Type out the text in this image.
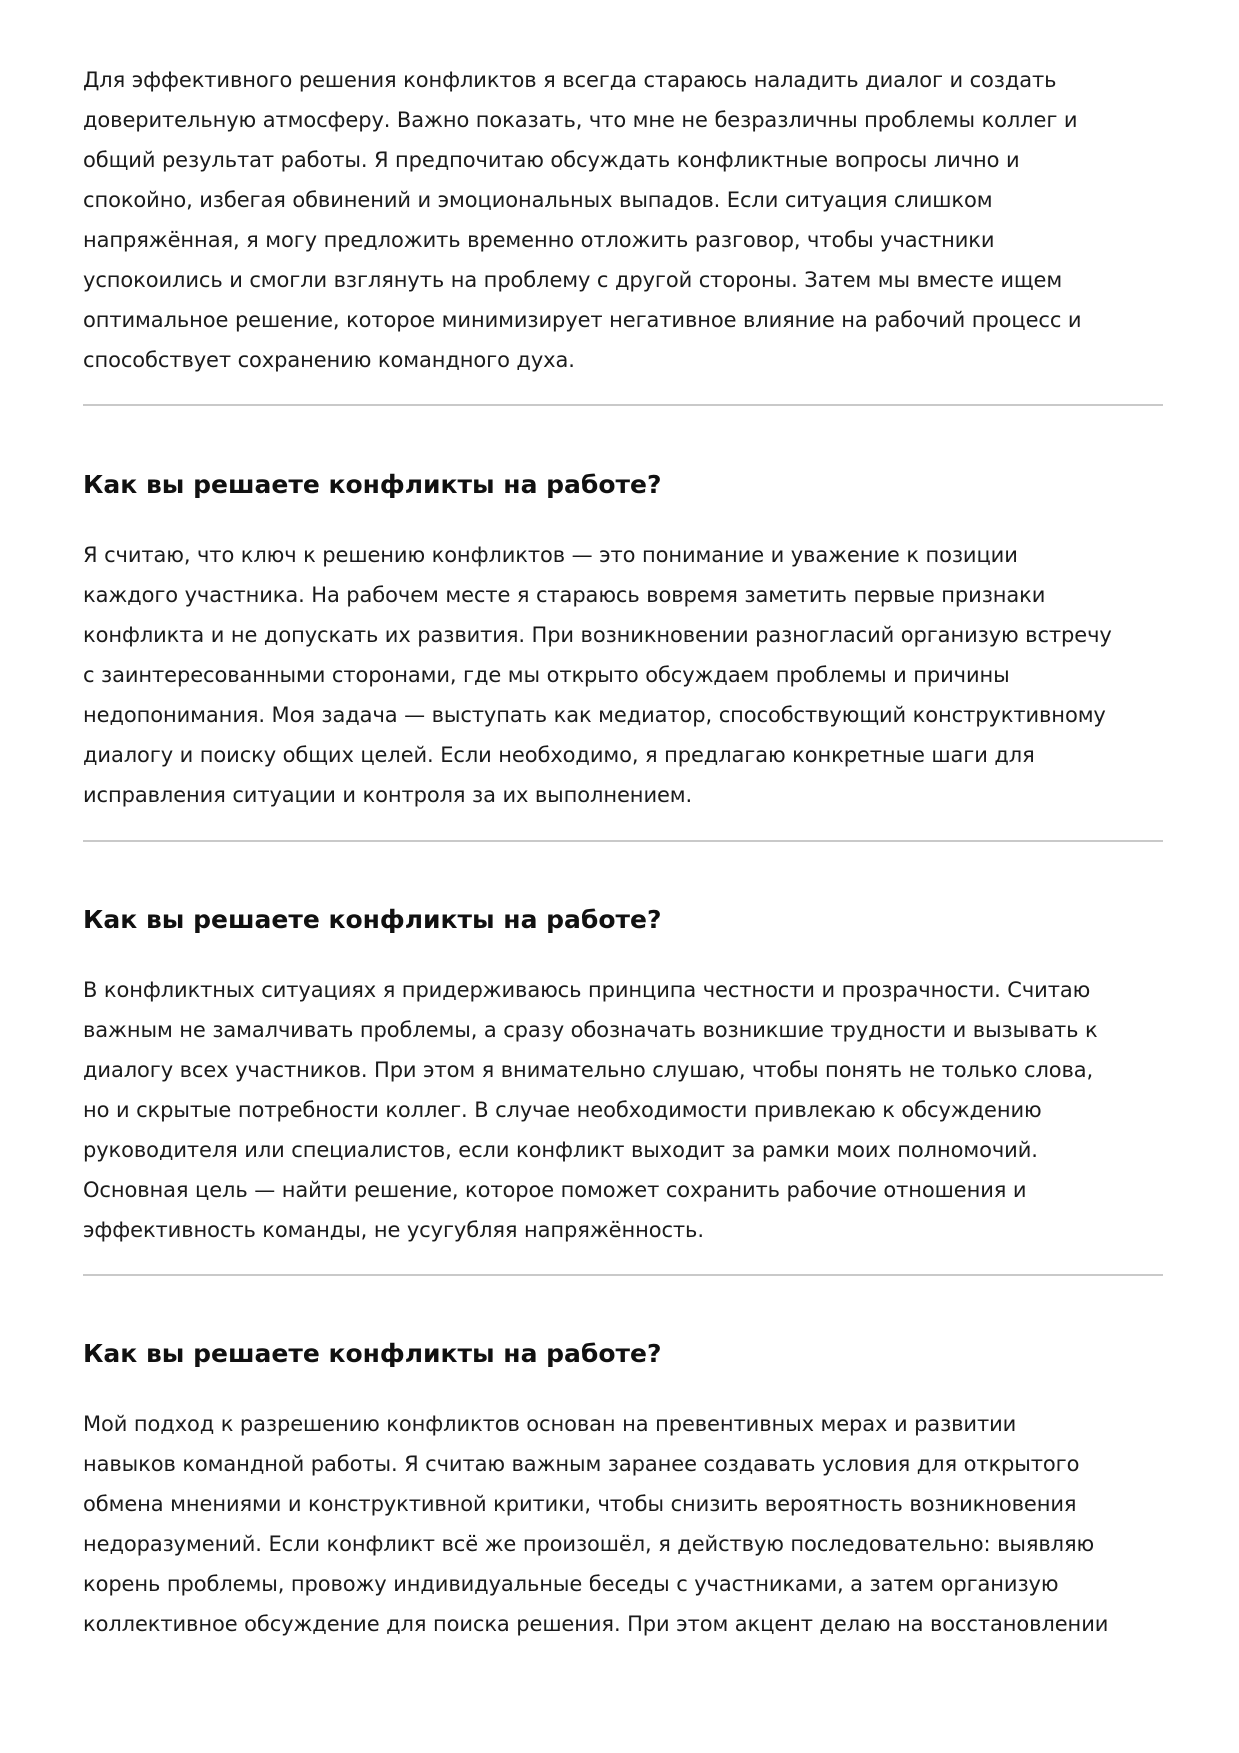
Для эффективного решения конфликтов я всегда стараюсь наладить диалог и создать
доверительную атмосферу. Важно показать, что мне не безразличны проблемы коллег и
общий результат работы. Я предпочитаю обсуждать конфликтные вопросы лично и
спокойно, избегая обвинений и эмоциональных выпадов. Если ситуация слишком
напряжённая, я могу предложить временно отложить разговор, чтобы участники
успокоились и смогли взглянуть на проблему с другой стороны. Затем мы вместе ищем
оптимальное решение, которое минимизирует негативное влияние на рабочий процесс и
способствует сохранению командного духа.
Как вы решаете конфликты на работе?
Я считаю, что ключ к решению конфликтов — это понимание и уважение к позиции
каждого участника. На рабочем месте я стараюсь вовремя заметить первые признаки
конфликта и не допускать их развития. При возникновении разногласий организую встречу
с заинтересованными сторонами, где мы открыто обсуждаем проблемы и причины
недопонимания. Моя задача — выступать как медиатор, способствующий конструктивному
диалогу и поиску общих целей. Если необходимо, я предлагаю конкретные шаги для
исправления ситуации и контроля за их выполнением.
Как вы решаете конфликты на работе?
В конфликтных ситуациях я придерживаюсь принципа честности и прозрачности. Считаю
важным не замалчивать проблемы, а сразу обозначать возникшие трудности и вызывать к
диалогу всех участников. При этом я внимательно слушаю, чтобы понять не только слова,
но и скрытые потребности коллег. В случае необходимости привлекаю к обсуждению
руководителя или специалистов, если конфликт выходит за рамки моих полномочий.
Основная цель — найти решение, которое поможет сохранить рабочие отношения и
эффективность команды, не усугубляя напряжённость.
Как вы решаете конфликты на работе?
Мой подход к разрешению конфликтов основан на превентивных мерах и развитии
навыков командной работы. Я считаю важным заранее создавать условия для открытого
обмена мнениями и конструктивной критики, чтобы снизить вероятность возникновения
недоразумений. Если конфликт всё же произошёл, я действую последовательно: выявляю
корень проблемы, провожу индивидуальные беседы с участниками, а затем организую
коллективное обсуждение для поиска решения. При этом акцент делаю на восстановлении
